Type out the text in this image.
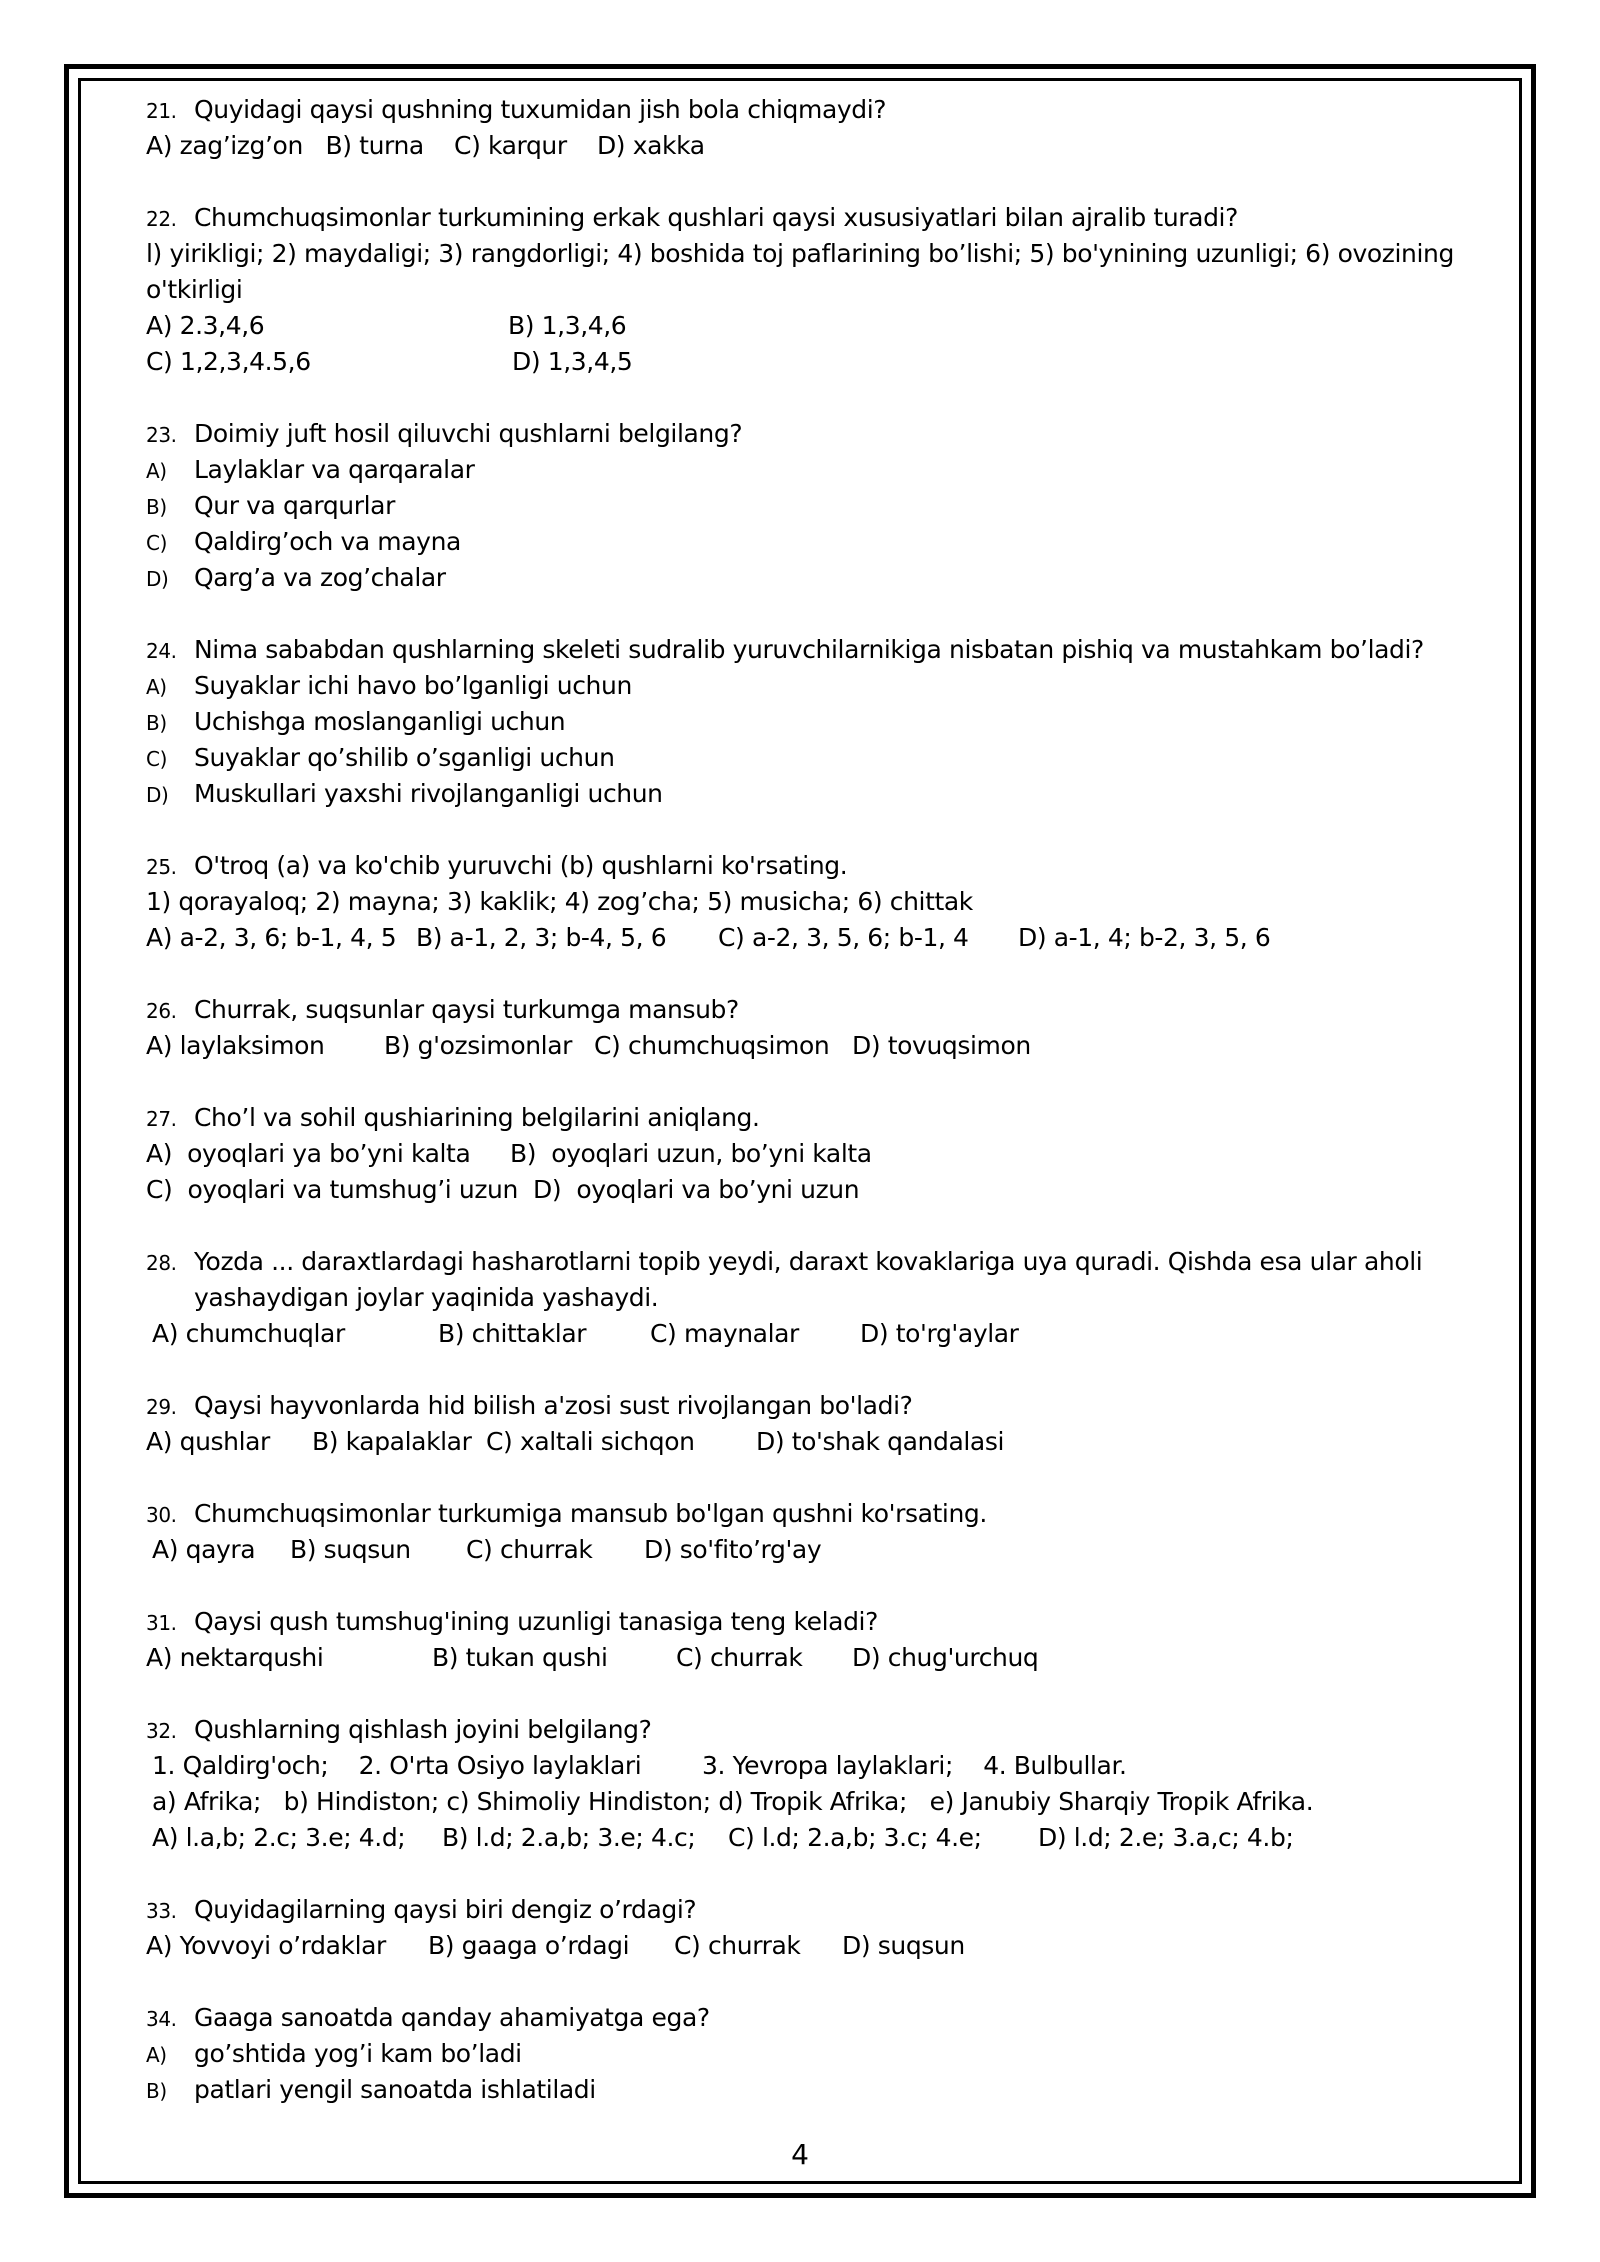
21. Quyidagi qaysi qushning tuxumidan jish bola chiqmaydi?
A) zag’izg’on   B) turna    C) karqur    D) xakka
22. Chumchuqsimonlar turkumining erkak qushlari qaysi xususiyatlari bilan ajralib turadi?
l) yirikligi; 2) maydaligi; 3) rangdorligi; 4) boshida toj paflarining bo’lishi; 5) bo'ynining uzunligi; 6) ovozining
o'tkirligi

A) 2.3,4,6

	B) 1,3,4,6

C) 1,2,3,4.5,6

	D) 1,3,4,5

23. Doimiy juft hosil qiluvchi qushlarni belgilang?
A) Laylaklar va qarqaralar
B) Qur va qarqurlar
C) Qaldirg’och va mayna
D) Qarg’a va zog’chalar
24. Nima sababdan qushlarning skeleti sudralib yuruvchilarnikiga nisbatan pishiq va mustahkam bo’ladi?
A) Suyaklar ichi havo bo’lganligi uchun
B) Uchishga moslanganligi uchun
C) Suyaklar qo’shilib o’sganligi uchun
D) Muskullari yaxshi rivojlanganligi uchun
25. O'troq (a) va ko'chib yuruvchi (b) qushlarni ko'rsating.
1) qorayaloq; 2) mayna; 3) kaklik; 4) zog’cha; 5) musicha; 6) chittak

A) a-2, 3, 6; b-1, 4, 5

B) a-1, 2, 3; b-4, 5, 6

C) a-2, 3, 5, 6; b-1, 4

D) a-1, 4; b-2, 3, 5, 6

26. Churrak, suqsunlar qaysi turkumga mansub?

A) laylaksimon

B) g'ozsimonlar

C) chumchuqsimon

D) tovuqsimon

27. Cho’l va sohil qushiarining belgilarini aniqlang.

A)  oyoqlari ya bo’yni kalta

B)  oyoqlari uzun, bo’yni kalta

C)  oyoqlari va tumshug’i uzun  D)  oyoqlari va bo’yni uzun
28. Yozda ... daraxtlardagi hasharotlarni topib yeydi, daraxt kovaklariga uya quradi. Qishda esa ular aholi
yashaydigan joylar yaqinida yashaydi.

A) chumchuqlar

	B) chittaklar

	C) maynalar

D) to'rg'aylar

29. Qaysi hayvonlarda hid bilish a'zosi sust rivojlangan bo'ladi?

A) qushlar

B) kapalaklar

C) xaltali sichqon

D) to'shak qandalasi

30. Chumchuqsimonlar turkumiga mansub bo'lgan qushni ko'rsating.

A) qayra

B) suqsun

C) churrak

D) so'fito’rg'ay

31. Qaysi qush tumshug'ining uzunligi tanasiga teng keladi?

A) nektarqushi

	B) tukan qushi

	C) churrak

D) chug'urchuq

32. Qushlarning qishlash joyini belgilang?

1. Qaldirg'och;    2. O'rta Osiyo laylaklari

3. Yevropa laylaklari;    4. Bulbullar.

a) Afrika;   b) Hindiston; c) Shimoliy Hindiston; d) Tropik Afrika;   e) Janubiy Sharqiy Tropik Afrika.

A) l.a,b; 2.c; 3.e; 4.d;

B) l.d; 2.a,b; 3.e; 4.c;

C) l.d; 2.a,b; 3.c; 4.e;

D) l.d; 2.e; 3.a,c; 4.b;

33. Quyidagilarning qaysi biri dengiz o’rdagi?

A) Yovvoyi o’rdaklar

B) gaaga o’rdagi

C) churrak

D) suqsun

34. Gaaga sanoatda qanday ahamiyatga ega?
A) go’shtida yog’i kam bo’ladi
B) patlari yengil sanoatda ishlatiladi
4
